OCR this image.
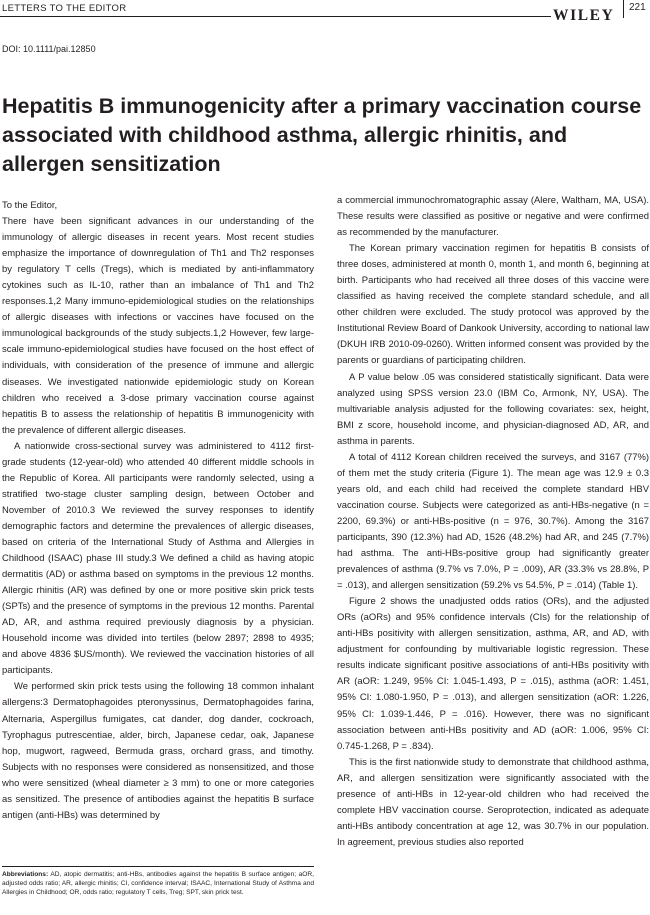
LETTERS TO THE EDITOR	WILEY 221
DOI: 10.1111/pai.12850
Hepatitis B immunogenicity after a primary vaccination course associated with childhood asthma, allergic rhinitis, and allergen sensitization

To the Editor,

There have been significant advances in our understanding of the immunology of allergic diseases in recent years. Most recent studies emphasize the importance of downregulation of Th1 and Th2 responses by regulatory T cells (Tregs), which is mediated by anti-inflammatory cytokines such as IL-10, rather than an imbalance of Th1 and Th2 responses.1,2 Many immuno-epidemiological studies on the relationships of allergic diseases with infections or vaccines have focused on the immunological backgrounds of the study subjects.1,2 However, few large-scale immuno-epidemiological studies have focused on the host effect of individuals, with consideration of the presence of immune and allergic diseases. We investigated nationwide epidemiologic study on Korean children who received a 3-dose primary vaccination course against hepatitis B to assess the relationship of hepatitis B immunogenicity with the prevalence of different allergic diseases.

A nationwide cross-sectional survey was administered to 4112 first-grade students (12-year-old) who attended 40 different middle schools in the Republic of Korea. All participants were randomly selected, using a stratified two-stage cluster sampling design, between October and November of 2010.3 We reviewed the survey responses to identify demographic factors and determine the prevalences of allergic diseases, based on criteria of the International Study of Asthma and Allergies in Childhood (ISAAC) phase III study.3 We defined a child as having atopic dermatitis (AD) or asthma based on symptoms in the previous 12 months. Allergic rhinitis (AR) was defined by one or more positive skin prick tests (SPTs) and the presence of symptoms in the previous 12 months. Parental AD, AR, and asthma required previously diagnosis by a physician. Household income was divided into tertiles (below 2897; 2898 to 4935; and above 4836 $US/month). We reviewed the vaccination histories of all participants.

We performed skin prick tests using the following 18 common inhalant allergens:3 Dermatophagoides pteronyssinus, Dermatophagoides farina, Alternaria, Aspergillus fumigates, cat dander, dog dander, cockroach, Tyrophagus putrescentiae, alder, birch, Japanese cedar, oak, Japanese hop, mugwort, ragweed, Bermuda grass, orchard grass, and timothy. Subjects with no responses were considered as nonsensitized, and those who were sensitized (wheal diameter ≥ 3 mm) to one or more categories as sensitized. The presence of antibodies against the hepatitis B surface antigen (anti-HBs) was determined by

a commercial immunochromatographic assay (Alere, Waltham, MA, USA). These results were classified as positive or negative and were confirmed as recommended by the manufacturer.

The Korean primary vaccination regimen for hepatitis B consists of three doses, administered at month 0, month 1, and month 6, beginning at birth. Participants who had received all three doses of this vaccine were classified as having received the complete standard schedule, and all other children were excluded. The study protocol was approved by the Institutional Review Board of Dankook University, according to national law (DKUH IRB 2010-09-0260). Written informed consent was provided by the parents or guardians of participating children.

A P value below .05 was considered statistically significant. Data were analyzed using SPSS version 23.0 (IBM Co, Armonk, NY, USA). The multivariable analysis adjusted for the following covariates: sex, height, BMI z score, household income, and physician-diagnosed AD, AR, and asthma in parents.

A total of 4112 Korean children received the surveys, and 3167 (77%) of them met the study criteria (Figure 1). The mean age was 12.9 ± 0.3 years old, and each child had received the complete standard HBV vaccination course. Subjects were categorized as anti-HBs-negative (n = 2200, 69.3%) or anti-HBs-positive (n = 976, 30.7%). Among the 3167 participants, 390 (12.3%) had AD, 1526 (48.2%) had AR, and 245 (7.7%) had asthma. The anti-HBs-positive group had significantly greater prevalences of asthma (9.7% vs 7.0%, P = .009), AR (33.3% vs 28.8%, P = .013), and allergen sensitization (59.2% vs 54.5%, P = .014) (Table 1).

Figure 2 shows the unadjusted odds ratios (ORs), and the adjusted ORs (aORs) and 95% confidence intervals (CIs) for the relationship of anti-HBs positivity with allergen sensitization, asthma, AR, and AD, with adjustment for confounding by multivariable logistic regression. These results indicate significant positive associations of anti-HBs positivity with AR (aOR: 1.249, 95% CI: 1.045-1.493, P = .015), asthma (aOR: 1.451, 95% CI: 1.080-1.950, P = .013), and allergen sensitization (aOR: 1.226, 95% CI: 1.039-1.446, P = .016). However, there was no significant association between anti-HBs positivity and AD (aOR: 1.006, 95% CI: 0.745-1.268, P = .834).

This is the first nationwide study to demonstrate that childhood asthma, AR, and allergen sensitization were significantly associated with the presence of anti-HBs in 12-year-old children who had received the complete HBV vaccination course. Seroprotection, indicated as adequate anti-HBs antibody concentration at age 12, was 30.7% in our population. In agreement, previous studies also reported

Abbreviations: AD, atopic dermatitis; anti-HBs, antibodies against the hepatitis B surface antigen; aOR, adjusted odds ratio; AR, allergic rhinitis; CI, confidence interval; ISAAC, International Study of Asthma and Allergies in Childhood; OR, odds ratio; regulatory T cells, Treg; SPT, skin prick test.
